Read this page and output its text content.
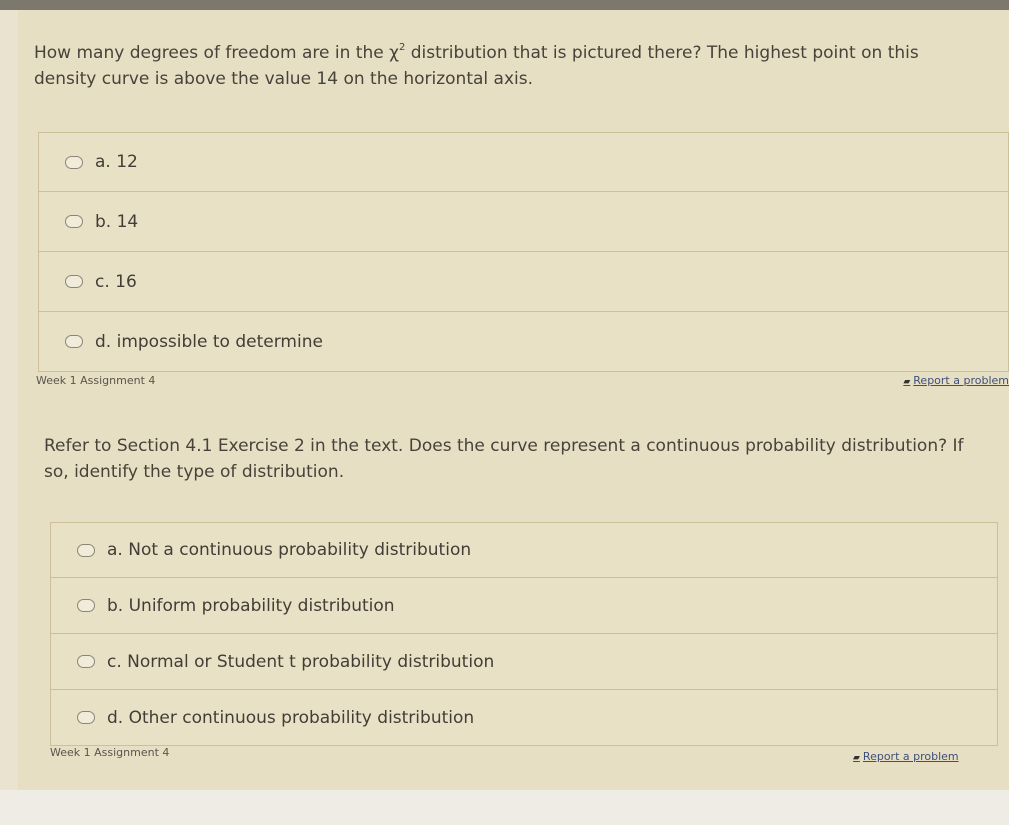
How many degrees of freedom are in the $\chi^2$ distribution that is pictured there? The highest point on this density curve is above the value 14 on the horizontal axis.
a. 12
b. 14
c. 16
d. impossible to determine
Week 1 Assignment 4	▰ Report a problem
Refer to Section 4.1 Exercise 2 in the text. Does the curve represent a continuous probability distribution? If so, identify the type of distribution.
a. Not a continuous probability distribution
b. Uniform probability distribution
c. Normal or Student t probability distribution
d. Other continuous probability distribution
Week 1 Assignment 4	▰ Report a problem
